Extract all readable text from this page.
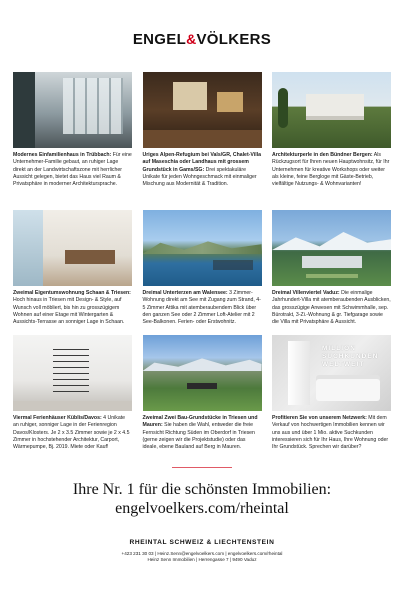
ENGEL&VÖLKERS

Modernes Einfamilienhaus in Trübbach: Für eine Unternehmer-Familie gebaut, an ruhiger Lage direkt an der Landwirtschaftszone mit herrlicher Aussicht gelegen, bietet das Haus viel Raum & Privatsphäre in moderner Architektursprache.

Uriges Alpen-Refugium bei Vals/GR, Chalet-Villa auf Maseschia oder Landhaus mit grossem Grundstück in Gams/SG: Drei spektakuläre Unikate für jeden Wohngeschmack mit einmaliger Mischung aus Modernität & Tradition.

Architekturperle in den Bündner Bergen: Als Rückzugsort für Ihren neuen Hauptwohnsitz, für Ihr Unternehmen für kreative Workshops oder weiter als kleine, feine Bergloge mit Gäste-Betrieb, vielfältige Nutzungs- & Wohnvarianten!

Zweimal Eigentumswohnung Schaan & Triesen: Hoch hinaus in Triesen mit Design- & Style, auf Wunsch voll möbliert, bis hin zu grosszügigem Wohnen auf einer Etage mit Wintergarten & Aussichts-Terrasse an sonniger Lage in Schaan.

Dreimal Unterterzen am Walensee: 3 Zimmer-Wohnung direkt am See mit Zugang zum Strand, 4-5 Zimmer Attika mit atemberaubendem Blick über den ganzen See oder 2 Zimmer Loft-Atelier mit 2 See-Balkonen. Ferien- oder Erstwohnitz.

Dreimal Villenviertel Vaduz: Die einmalige Jahrhundert-Villa mit atemberaubenden Ausblicken, das grosszügige Anwesen mit Schwimmhalle, sep. Bürotrakt, 3-Zi.-Wohnung & gr. Tiefgarage sowie die Villa mit Privatsphäre & Aussicht.

Viermal Ferienhäuser Küblis/Davos: 4 Unikate an ruhiger, sonniger Lage in der Ferienregion Davos/Klosters. Je 2 x 3.5 Zimmer sowie je 2 x 4.5 Zimmer in hochstehender Architektur, Carport, Wärmepumpe, Bj. 2019. Miete oder Kauf!

Zweimal Zwei Bau-Grundstücke in Triesen und Mauren: Sie haben die Wahl, entweder die freie Fernsicht Richtung Süden im Oberdorf in Triesen (gerne zeigen wir die Projektstudie) oder das ideale, ebene Bauland auf Berg in Mauren.

MILLION
SUCHKUNDEN
WELTWEIT

Profitieren Sie von unserem Netzwerk: Mit dem Verkauf von hochwertigen Immobilien kennen wir uns aus und über 1 Mio. aktive Suchkunden interessieren sich für Ihr Haus, Ihre Wohnung oder Ihr Grundstück. Sprechen wir darüber?

Ihre Nr. 1 für die schönsten Immobilien:
engelvoelkers.com/rheintal
RHEINTAL SCHWEIZ & LIECHTENSTEIN
+423 231 30 03 | Heinz.Senn@engelvoelkers.com | engelvoelkers.com/rheintal
Heinz Senn Immobilien | Herrengasse 7 | 9490 Vaduz
